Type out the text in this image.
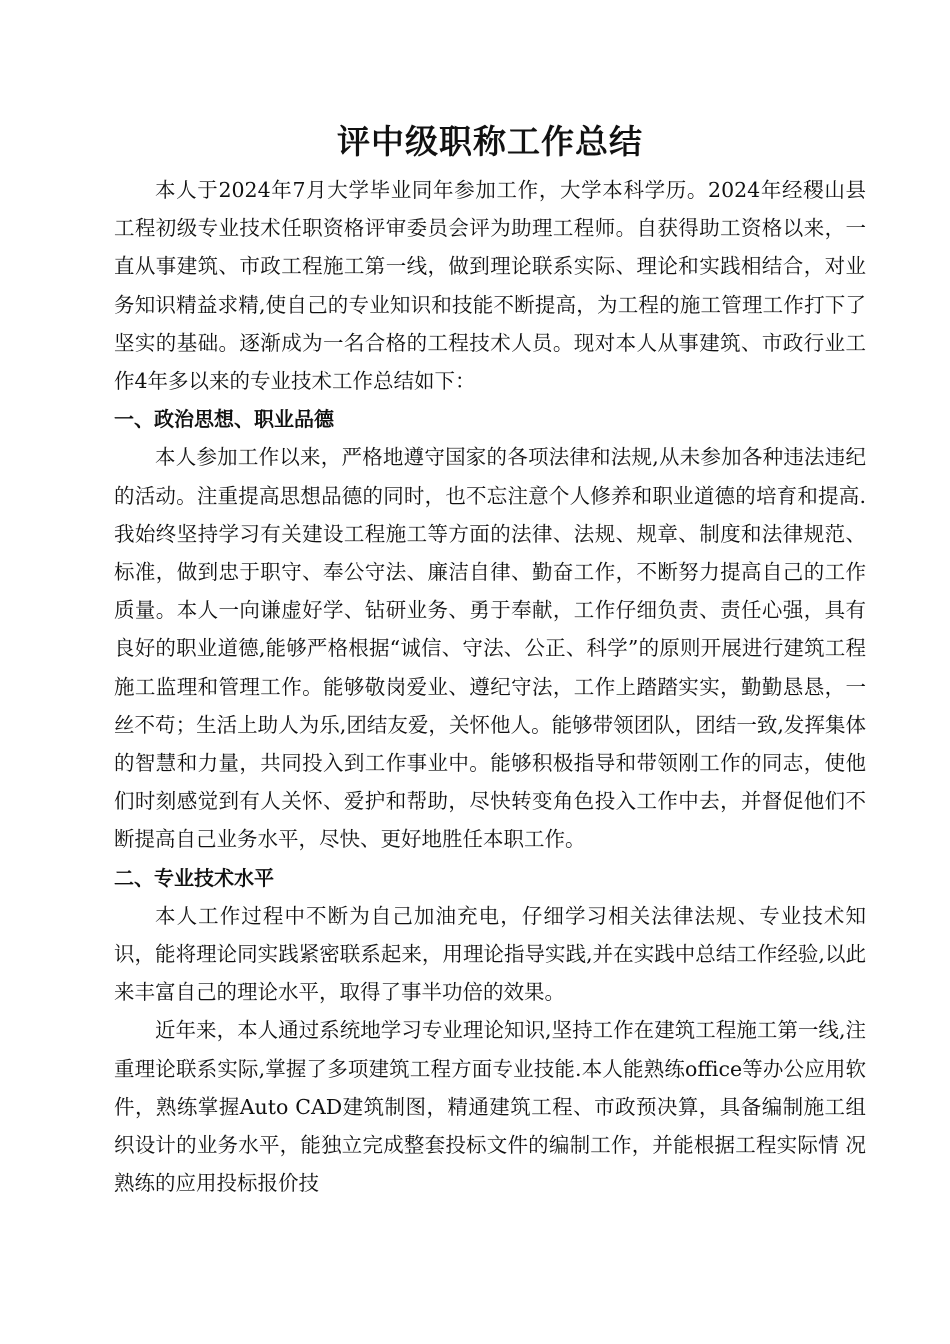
评中级职称工作总结

本人于2024年7月大学毕业同年参加工作，大学本科学历。2024年经稷山县工程初级专业技术任职资格评审委员会评为助理工程师。自获得助工资格以来，一直从事建筑、市政工程施工第一线，做到理论联系实际、理论和实践相结合，对业务知识精益求精,使自己的专业知识和技能不断提高，为工程的施工管理工作打下了坚实的基础。逐渐成为一名合格的工程技术人员。现对本人从事建筑、市政行业工作4年多以来的专业技术工作总结如下：

一、政治思想、职业品德

本人参加工作以来，严格地遵守国家的各项法律和法规,从未参加各种违法违纪的活动。注重提高思想品德的同时，也不忘注意个人修养和职业道德的培育和提高.我始终坚持学习有关建设工程施工等方面的法律、法规、规章、制度和法律规范、标准，做到忠于职守、奉公守法、廉洁自律、勤奋工作，不断努力提高自己的工作质量。本人一向谦虚好学、钻研业务、勇于奉献，工作仔细负责、责任心强，具有良好的职业道德,能够严格根据“诚信、守法、公正、科学”的原则开展进行建筑工程施工监理和管理工作。能够敬岗爱业、遵纪守法，工作上踏踏实实，勤勤恳恳，一丝不苟；生活上助人为乐,团结友爱，关怀他人。能够带领团队，团结一致,发挥集体的智慧和力量，共同投入到工作事业中。能够积极指导和带领刚工作的同志，使他们时刻感觉到有人关怀、爱护和帮助，尽快转变角色投入工作中去，并督促他们不断提高自己业务水平，尽快、更好地胜任本职工作。

二、专业技术水平

本人工作过程中不断为自己加油充电，仔细学习相关法律法规、专业技术知识，能将理论同实践紧密联系起来，用理论指导实践,并在实践中总结工作经验,以此来丰富自己的理论水平，取得了事半功倍的效果。

近年来，本人通过系统地学习专业理论知识,坚持工作在建筑工程施工第一线,注重理论联系实际,掌握了多项建筑工程方面专业技能.本人能熟练office等办公应用软件，熟练掌握Auto CAD建筑制图，精通建筑工程、市政预决算，具备编制施工组织设计的业务水平，能独立完成整套投标文件的编制工作，并能根据工程实际情 况熟练的应用投标报价技
